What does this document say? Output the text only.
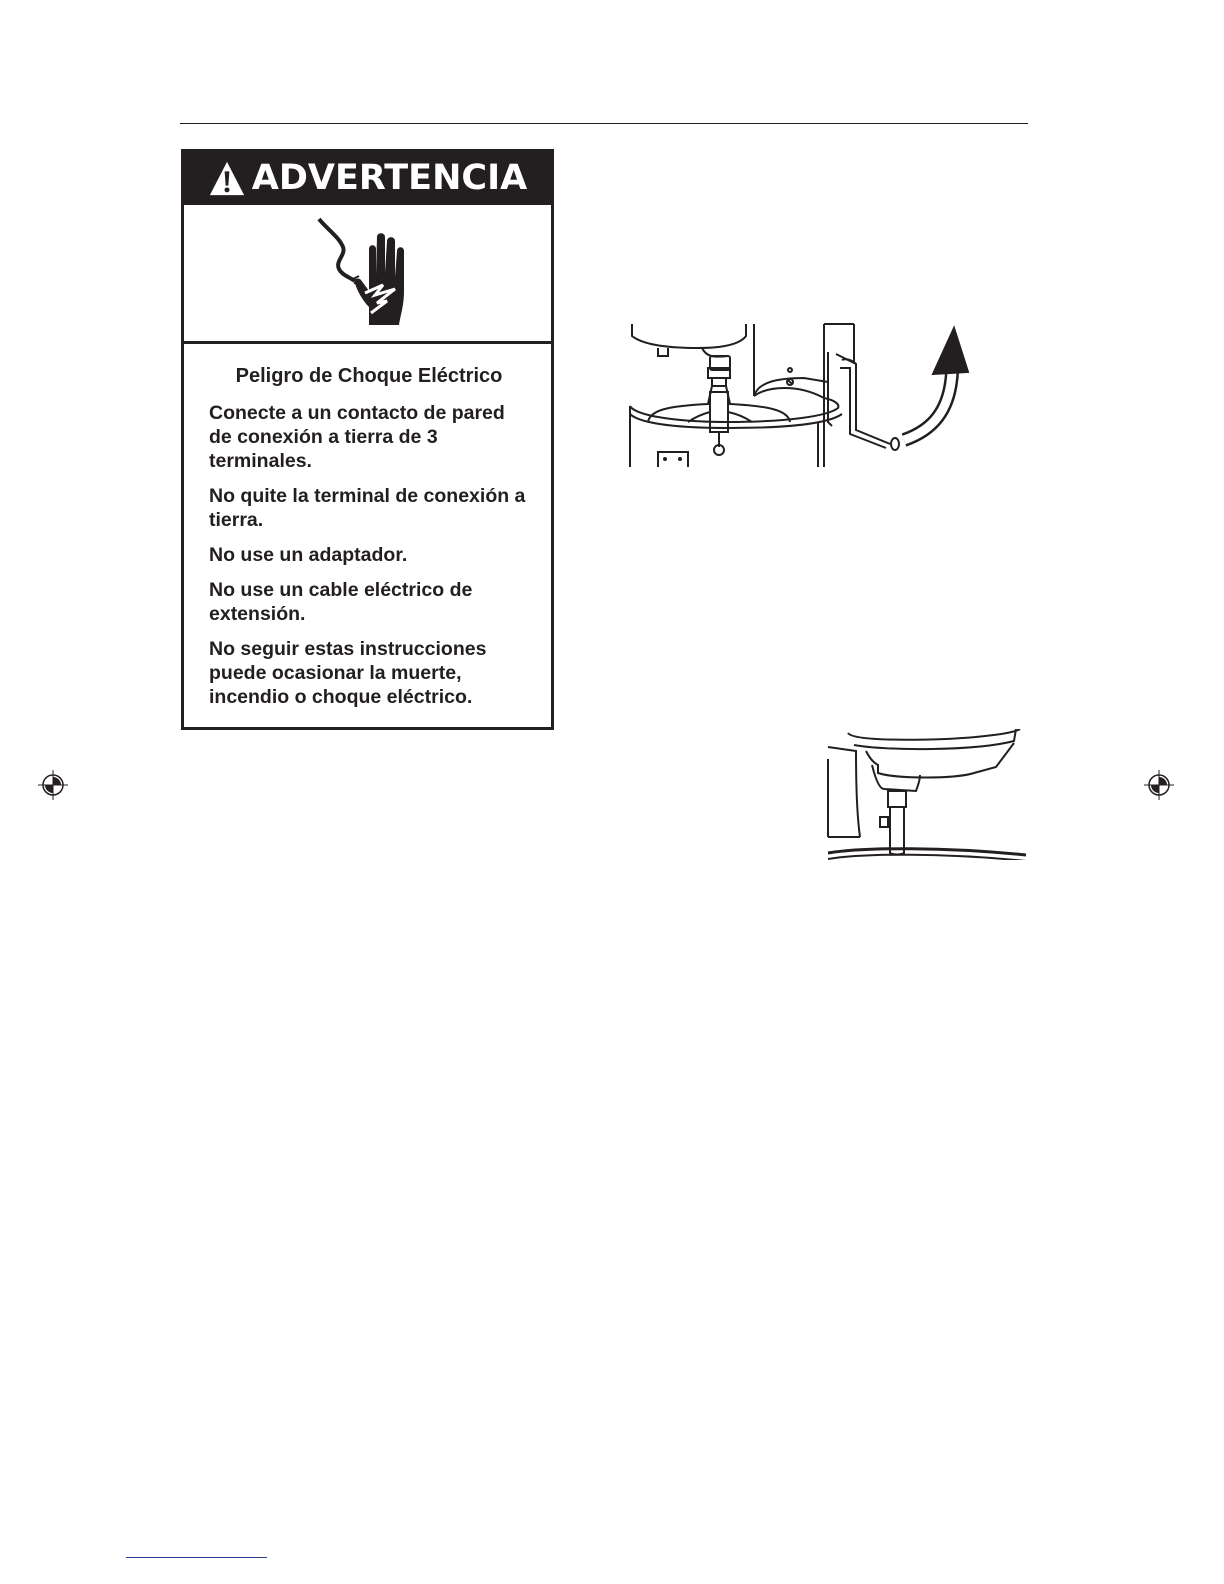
ADVERTENCIA
Peligro de Choque Eléctrico

Conecte a un contacto de pared de conexión a tierra de 3 terminales.

No quite la terminal de conexión a tierra.

No use un adaptador.

No use un cable eléctrico de extensión.

No seguir estas instrucciones puede ocasionar la muerte, incendio o choque eléctrico.
